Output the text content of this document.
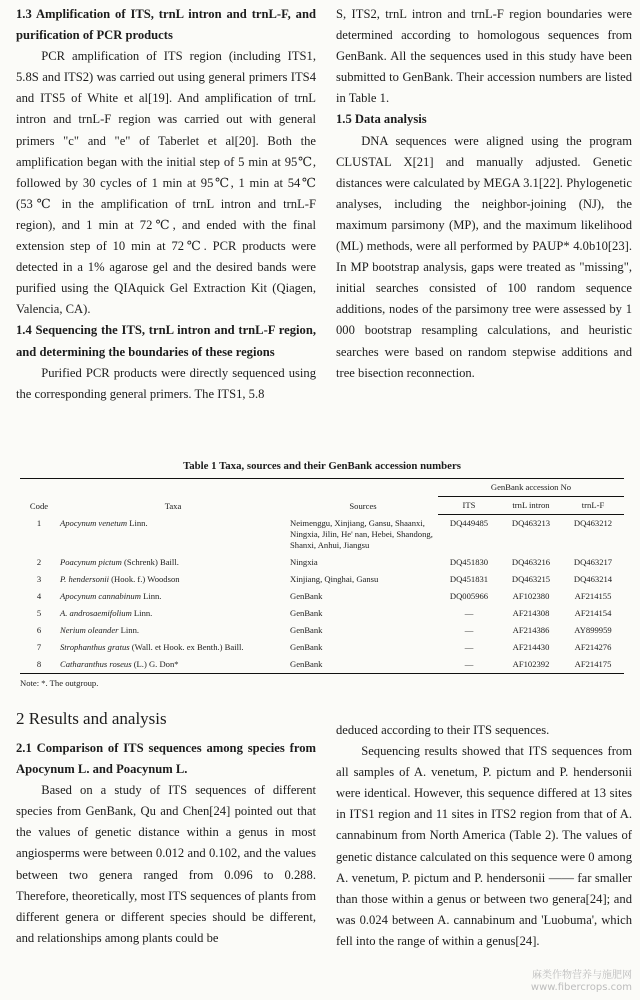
1.3 Amplification of ITS, trnL intron and trnL-F, and purification of PCR products

PCR amplification of ITS region (including ITS1, 5.8S and ITS2) was carried out using general primers ITS4 and ITS5 of White et al[19]. And amplification of trnL intron and trnL-F region was carried out with general primers "c" and "e" of Taberlet et al[20]. Both the amplification began with the initial step of 5 min at 95℃, followed by 30 cycles of 1 min at 95℃, 1 min at 54℃ (53℃ in the amplification of trnL intron and trnL-F region), and 1 min at 72℃, and ended with the final extension step of 10 min at 72℃. PCR products were detected in a 1% agarose gel and the desired bands were purified using the QIAquick Gel Extraction Kit (Qiagen, Valencia, CA).

1.4 Sequencing the ITS, trnL intron and trnL-F region, and determining the boundaries of these regions

Purified PCR products were directly sequenced using the corresponding general primers. The ITS1, 5.8

S, ITS2, trnL intron and trnL-F region boundaries were determined according to homologous sequences from GenBank. All the sequences used in this study have been submitted to GenBank. Their accession numbers are listed in Table 1.

1.5 Data analysis

DNA sequences were aligned using the program CLUSTAL X[21] and manually adjusted. Genetic distances were calculated by MEGA 3.1[22]. Phylogenetic analyses, including the neighbor-joining (NJ), the maximum parsimony (MP), and the maximum likelihood (ML) methods, were all performed by PAUP* 4.0b10[23]. In MP bootstrap analysis, gaps were treated as "missing", initial searches consisted of 100 random sequence additions, nodes of the parsimony tree were assessed by 1 000 bootstrap resampling calculations, and heuristic searches were based on random stepwise additions and tree bisection reconnection.

Table 1 Taxa, sources and their GenBank accession numbers
Code	Taxa	Sources	GenBank accession No		
			ITS	trnL intron	trnL-F
1	Apocynum venetum Linn.	Neimenggu, Xinjiang, Gansu, Shaanxi, Ningxia, Jilin, He' nan, Hebei, Shandong, Shanxi, Anhui, Jiangsu	DQ449485	DQ463213	DQ463212
2	Poacynum pictum (Schrenk) Baill.	Ningxia	DQ451830	DQ463216	DQ463217
3	P. hendersonii (Hook. f.) Woodson	Xinjiang, Qinghai, Gansu	DQ451831	DQ463215	DQ463214
4	Apocynum cannabinum Linn.	GenBank	DQ005966	AF102380	AF214155
5	A. androsaemifolium Linn.	GenBank	—	AF214308	AF214154
6	Nerium oleander Linn.	GenBank	—	AF214386	AY899959
7	Strophanthus gratus (Wall. et Hook. ex Benth.) Baill.	GenBank	—	AF214430	AF214276
8	Catharanthus roseus (L.) G. Don*	GenBank	—	AF102392	AF214175
Note: *. The outgroup.
2 Results and analysis
2.1 Comparison of ITS sequences among species from Apocynum L. and Poacynum L.

Based on a study of ITS sequences of different species from GenBank, Qu and Chen[24] pointed out that the values of genetic distance within a genus in most angiosperms were between 0.012 and 0.102, and the values between two genera ranged from 0.096 to 0.288. Therefore, theoretically, most ITS sequences of plants from different genera or different species should be different, and relationships among plants could be

deduced according to their ITS sequences.

Sequencing results showed that ITS sequences from all samples of A. venetum, P. pictum and P. hendersonii were identical. However, this sequence differed at 13 sites in ITS1 region and 11 sites in ITS2 region from that of A. cannabinum from North America (Table 2). The values of genetic distance calculated on this sequence were 0 among A. venetum, P. pictum and P. hendersonii —— far smaller than those within a genus or between two genera[24]; and was 0.024 between A. cannabinum and 'Luobuma', which fell into the range of within a genus[24].

麻类作物营养与施肥网
www.fibercrops.com
